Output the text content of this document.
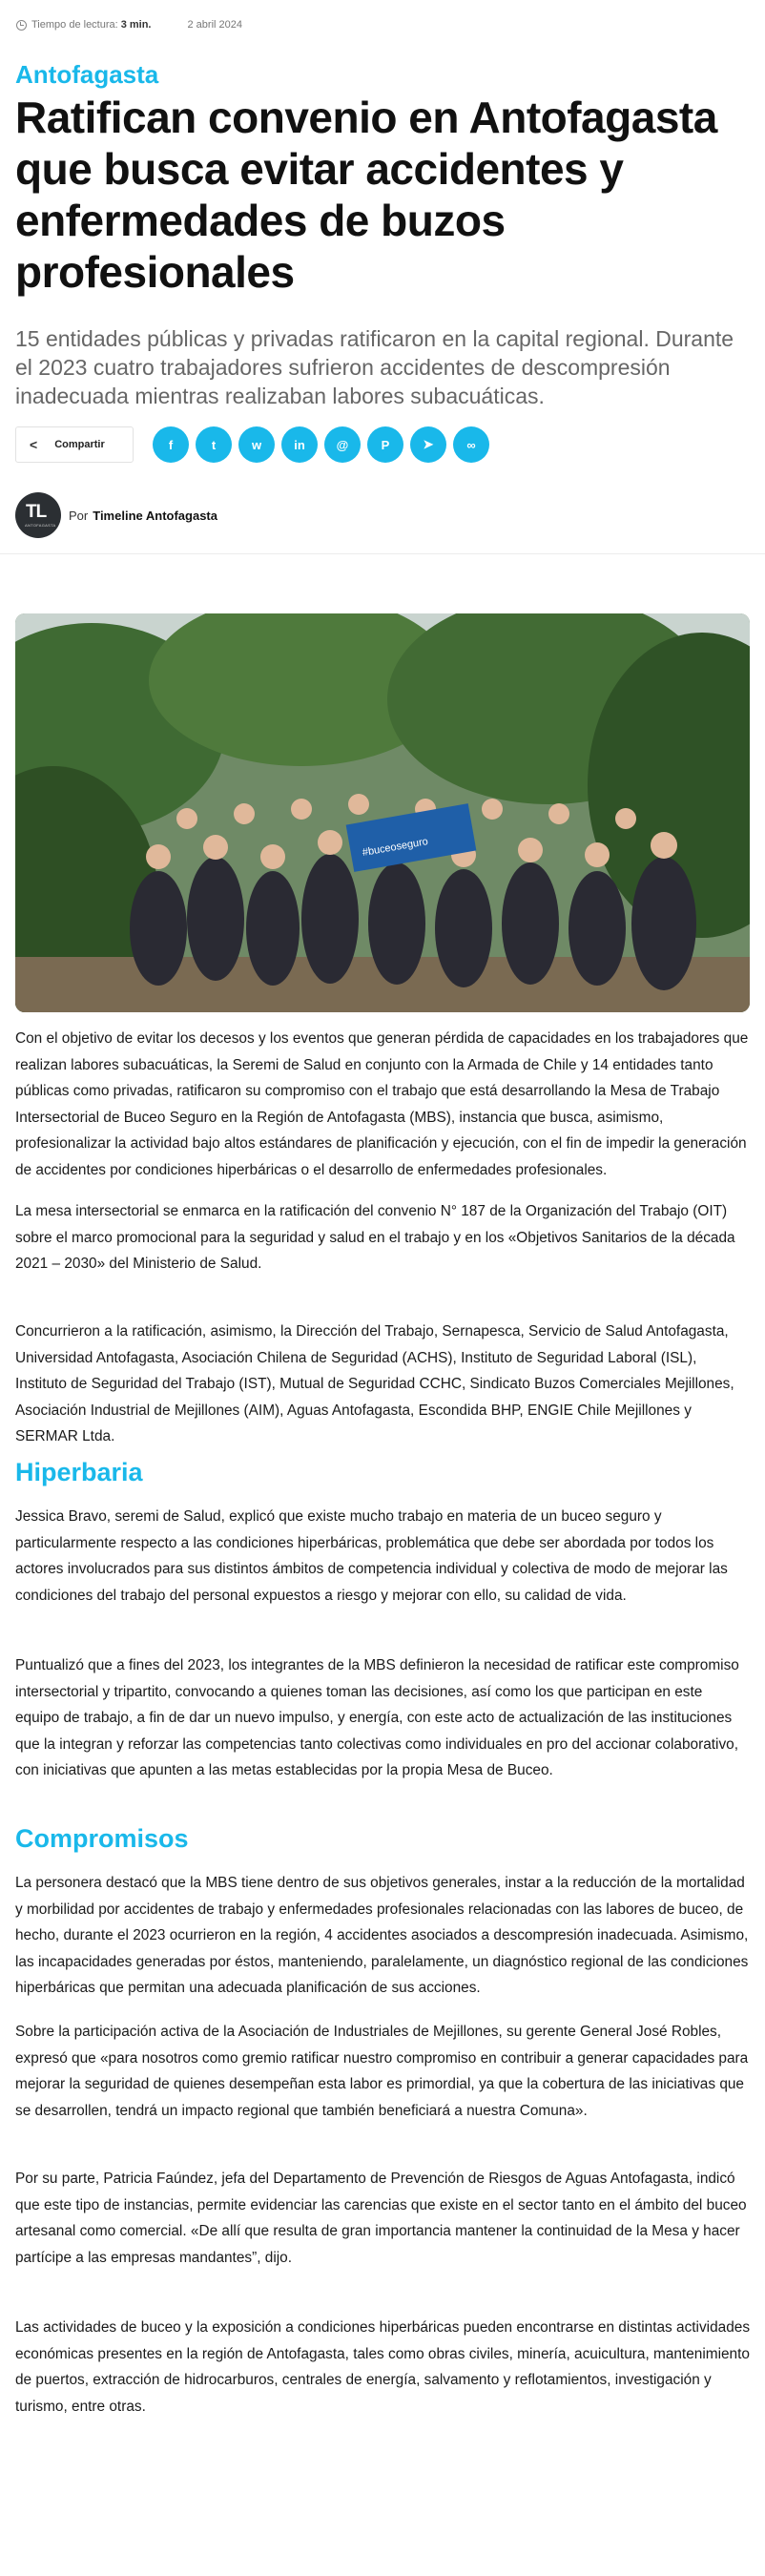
Tiempo de lectura: 3 min.	2 abril 2024
Antofagasta
Ratifican convenio en Antofagasta que busca evitar accidentes y enfermedades de buzos profesionales

15 entidades públicas y privadas ratificaron en la capital regional. Durante el 2023 cuatro trabajadores sufrieron accidentes de descompresión inadecuada mientras realizaban labores subacuáticas.

< Compartir	f	t	w	in	@	P	➤	∞
TL
ANTOFAGASTA
Por Timeline Antofagasta
#buceoseguro

Con el objetivo de evitar los decesos y los eventos que generan pérdida de capacidades en los trabajadores que realizan labores subacuáticas, la Seremi de Salud en conjunto con la Armada de Chile y 14 entidades tanto públicas como privadas, ratificaron su compromiso con el trabajo que está desarrollando la Mesa de Trabajo Intersectorial de Buceo Seguro en la Región de Antofagasta (MBS), instancia que busca, asimismo, profesionalizar la actividad bajo altos estándares de planificación y ejecución, con el fin de impedir la generación de accidentes por condiciones hiperbáricas o el desarrollo de enfermedades profesionales.

La mesa intersectorial se enmarca en la ratificación del convenio N° 187 de la Organización del Trabajo (OIT) sobre el marco promocional para la seguridad y salud en el trabajo y en los «Objetivos Sanitarios de la década 2021 – 2030» del Ministerio de Salud.

Concurrieron a la ratificación, asimismo, la Dirección del Trabajo, Sernapesca, Servicio de Salud Antofagasta, Universidad Antofagasta, Asociación Chilena de Seguridad (ACHS), Instituto de Seguridad Laboral (ISL), Instituto de Seguridad del Trabajo (IST), Mutual de Seguridad CCHC, Sindicato Buzos Comerciales Mejillones, Asociación Industrial de Mejillones (AIM), Aguas Antofagasta, Escondida BHP, ENGIE Chile Mejillones y SERMAR Ltda.

Hiperbaria

Jessica Bravo, seremi de Salud, explicó que existe mucho trabajo en materia de un buceo seguro y particularmente respecto a las condiciones hiperbáricas, problemática que debe ser abordada por todos los actores involucrados para sus distintos ámbitos de competencia individual y colectiva de modo de mejorar las condiciones del trabajo del personal expuestos a riesgo y mejorar con ello, su calidad de vida.

Puntualizó que a fines del 2023, los integrantes de la MBS definieron la necesidad de ratificar este compromiso intersectorial y tripartito, convocando a quienes toman las decisiones, así como los que participan en este equipo de trabajo, a fin de dar un nuevo impulso, y energía, con este acto de actualización de las instituciones que la integran y reforzar las competencias tanto colectivas como individuales en pro del accionar colaborativo, con iniciativas que apunten a las metas establecidas por la propia Mesa de Buceo.

Compromisos

La personera destacó que la MBS tiene dentro de sus objetivos generales, instar a la reducción de la mortalidad y morbilidad por accidentes de trabajo y enfermedades profesionales relacionadas con las labores de buceo, de hecho, durante el 2023 ocurrieron en la región, 4 accidentes asociados a descompresión inadecuada. Asimismo, las incapacidades generadas por éstos, manteniendo, paralelamente, un diagnóstico regional de las condiciones hiperbáricas que permitan una adecuada planificación de sus acciones.

Sobre la participación activa de la Asociación de Industriales de Mejillones, su gerente General José Robles, expresó que «para nosotros como gremio ratificar nuestro compromiso en contribuir a generar capacidades para mejorar la seguridad de quienes desempeñan esta labor es primordial, ya que la cobertura de las iniciativas que se desarrollen, tendrá un impacto regional que también beneficiará a nuestra Comuna».

Por su parte, Patricia Faúndez, jefa del Departamento de Prevención de Riesgos de Aguas Antofagasta, indicó que este tipo de instancias, permite evidenciar las carencias que existe en el sector tanto en el ámbito del buceo artesanal como comercial. «De allí que resulta de gran importancia mantener la continuidad de la Mesa y hacer partícipe a las empresas mandantes”, dijo.

Las actividades de buceo y la exposición a condiciones hiperbáricas pueden encontrarse en distintas actividades económicas presentes en la región de Antofagasta, tales como obras civiles, minería, acuicultura, mantenimiento de puertos, extracción de hidrocarburos, centrales de energía, salvamento y reflotamientos, investigación y turismo, entre otras.
